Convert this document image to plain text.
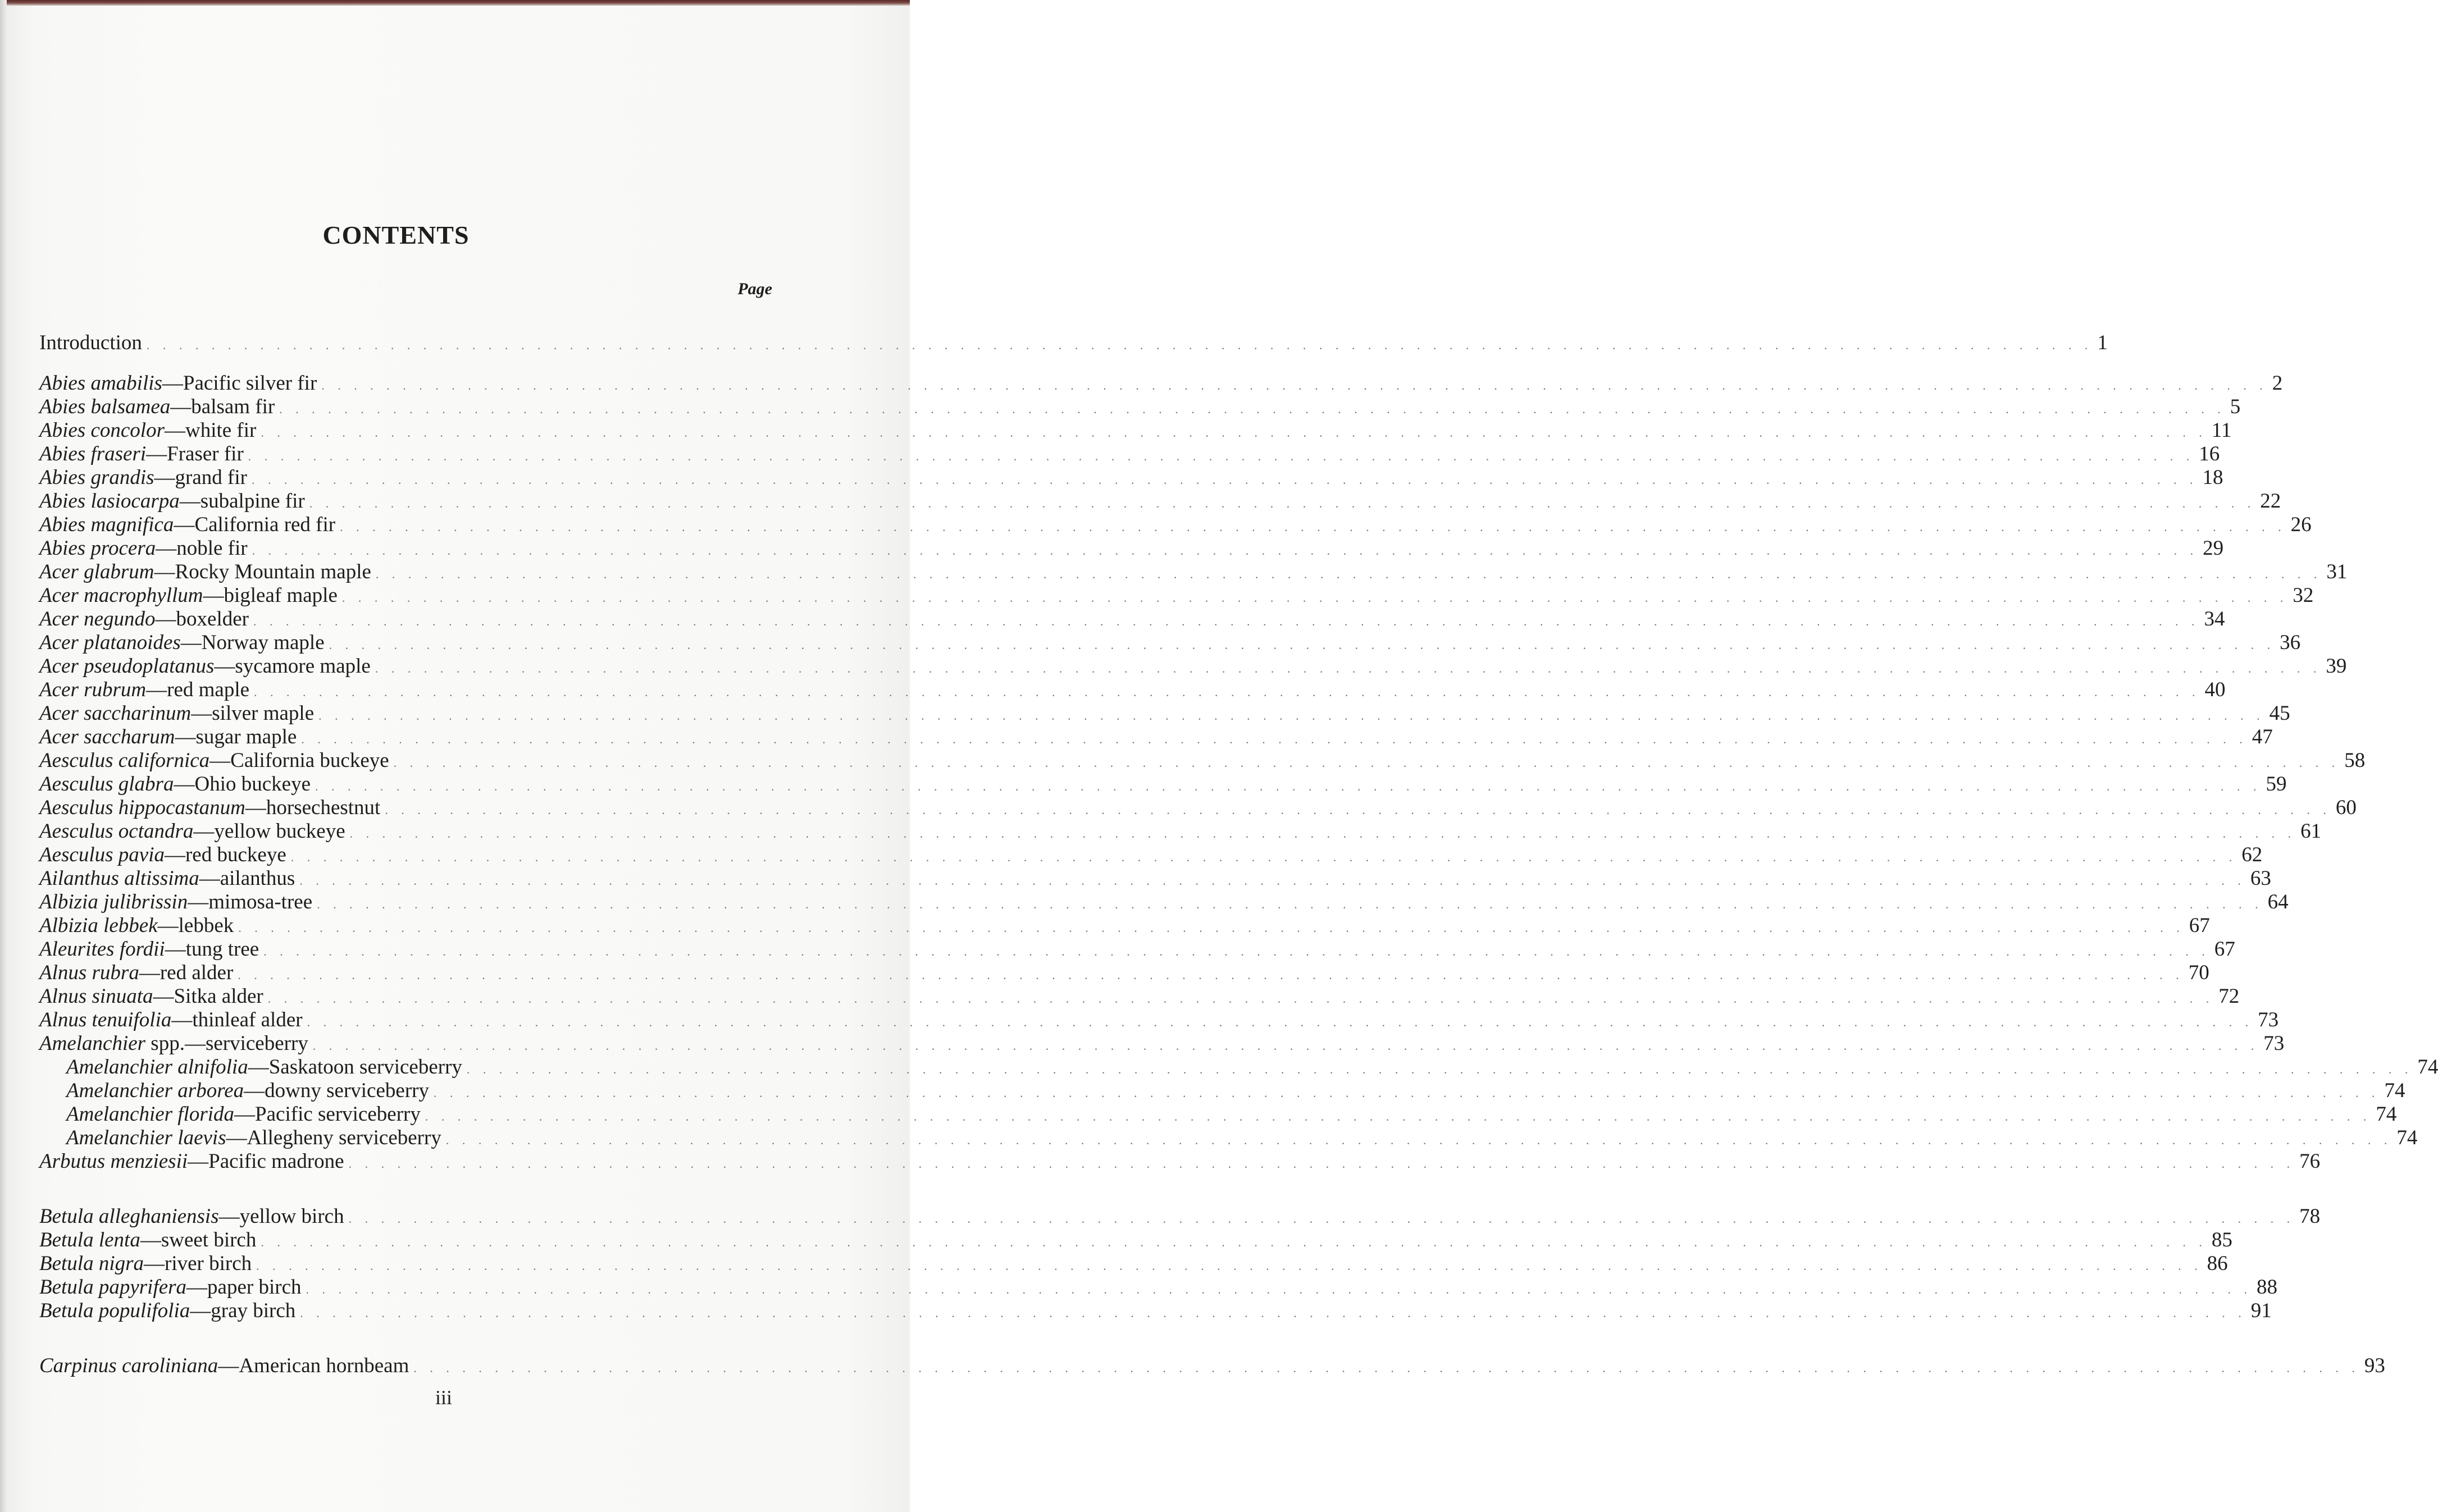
CONTENTS
Page
Introduction . . . . . . . . . . . . . . . . . . . . . . . . . . . . . . . . . . . . . . . . . . . . . . . . . . . . . . . . . . . . . . . . . . . . . . . . . . . . . . . . . . . . . . . . . . . . . . . . . . . . . . . . . . . . . . . . . . . . . . . . 1
Abies amabilis—Pacific silver fir . . . . . . . . . . . . . . . . . . . . . . . . . . . . . . . . . . . . . . . . . . . . . . . . . . . . . . . . . . . . . . . . . . . . . . . . . . . . . . . . . . . . . . . . . . . . . . . . . . . . . . . . . . . . . . . . . . . . . . . . 2
Abies balsamea—balsam fir . . . . . . . . . . . . . . . . . . . . . . . . . . . . . . . . . . . . . . . . . . . . . . . . . . . . . . . . . . . . . . . . . . . . . . . . . . . . . . . . . . . . . . . . . . . . . . . . . . . . . . . . . . . . . . . . . . . . . . . . 5
Abies concolor—white fir . . . . . . . . . . . . . . . . . . . . . . . . . . . . . . . . . . . . . . . . . . . . . . . . . . . . . . . . . . . . . . . . . . . . . . . . . . . . . . . . . . . . . . . . . . . . . . . . . . . . . . . . . . . . . . . . . . . . . . . . 11
Abies fraseri—Fraser fir . . . . . . . . . . . . . . . . . . . . . . . . . . . . . . . . . . . . . . . . . . . . . . . . . . . . . . . . . . . . . . . . . . . . . . . . . . . . . . . . . . . . . . . . . . . . . . . . . . . . . . . . . . . . . . . . . . . . . . . . 16
Abies grandis—grand fir . . . . . . . . . . . . . . . . . . . . . . . . . . . . . . . . . . . . . . . . . . . . . . . . . . . . . . . . . . . . . . . . . . . . . . . . . . . . . . . . . . . . . . . . . . . . . . . . . . . . . . . . . . . . . . . . . . . . . . . . 18
Abies lasiocarpa—subalpine fir . . . . . . . . . . . . . . . . . . . . . . . . . . . . . . . . . . . . . . . . . . . . . . . . . . . . . . . . . . . . . . . . . . . . . . . . . . . . . . . . . . . . . . . . . . . . . . . . . . . . . . . . . . . . . . . . . . . . . . . . 22
Abies magnifica—California red fir . . . . . . . . . . . . . . . . . . . . . . . . . . . . . . . . . . . . . . . . . . . . . . . . . . . . . . . . . . . . . . . . . . . . . . . . . . . . . . . . . . . . . . . . . . . . . . . . . . . . . . . . . . . . . . . . . . . . . . . . 26
Abies procera—noble fir . . . . . . . . . . . . . . . . . . . . . . . . . . . . . . . . . . . . . . . . . . . . . . . . . . . . . . . . . . . . . . . . . . . . . . . . . . . . . . . . . . . . . . . . . . . . . . . . . . . . . . . . . . . . . . . . . . . . . . . . 29
Acer glabrum—Rocky Mountain maple . . . . . . . . . . . . . . . . . . . . . . . . . . . . . . . . . . . . . . . . . . . . . . . . . . . . . . . . . . . . . . . . . . . . . . . . . . . . . . . . . . . . . . . . . . . . . . . . . . . . . . . . . . . . . . . . . . . . . . . . 31
Acer macrophyllum—bigleaf maple . . . . . . . . . . . . . . . . . . . . . . . . . . . . . . . . . . . . . . . . . . . . . . . . . . . . . . . . . . . . . . . . . . . . . . . . . . . . . . . . . . . . . . . . . . . . . . . . . . . . . . . . . . . . . . . . . . . . . . . . 32
Acer negundo—boxelder . . . . . . . . . . . . . . . . . . . . . . . . . . . . . . . . . . . . . . . . . . . . . . . . . . . . . . . . . . . . . . . . . . . . . . . . . . . . . . . . . . . . . . . . . . . . . . . . . . . . . . . . . . . . . . . . . . . . . . . . 34
Acer platanoides—Norway maple . . . . . . . . . . . . . . . . . . . . . . . . . . . . . . . . . . . . . . . . . . . . . . . . . . . . . . . . . . . . . . . . . . . . . . . . . . . . . . . . . . . . . . . . . . . . . . . . . . . . . . . . . . . . . . . . . . . . . . . . 36
Acer pseudoplatanus—sycamore maple . . . . . . . . . . . . . . . . . . . . . . . . . . . . . . . . . . . . . . . . . . . . . . . . . . . . . . . . . . . . . . . . . . . . . . . . . . . . . . . . . . . . . . . . . . . . . . . . . . . . . . . . . . . . . . . . . . . . . . . . 39
Acer rubrum—red maple . . . . . . . . . . . . . . . . . . . . . . . . . . . . . . . . . . . . . . . . . . . . . . . . . . . . . . . . . . . . . . . . . . . . . . . . . . . . . . . . . . . . . . . . . . . . . . . . . . . . . . . . . . . . . . . . . . . . . . . . 40
Acer saccharinum—silver maple . . . . . . . . . . . . . . . . . . . . . . . . . . . . . . . . . . . . . . . . . . . . . . . . . . . . . . . . . . . . . . . . . . . . . . . . . . . . . . . . . . . . . . . . . . . . . . . . . . . . . . . . . . . . . . . . . . . . . . . . 45
Acer saccharum—sugar maple . . . . . . . . . . . . . . . . . . . . . . . . . . . . . . . . . . . . . . . . . . . . . . . . . . . . . . . . . . . . . . . . . . . . . . . . . . . . . . . . . . . . . . . . . . . . . . . . . . . . . . . . . . . . . . . . . . . . . . . . 47
Aesculus californica—California buckeye . . . . . . . . . . . . . . . . . . . . . . . . . . . . . . . . . . . . . . . . . . . . . . . . . . . . . . . . . . . . . . . . . . . . . . . . . . . . . . . . . . . . . . . . . . . . . . . . . . . . . . . . . . . . . . . . . . . . . . . . 58
Aesculus glabra—Ohio buckeye . . . . . . . . . . . . . . . . . . . . . . . . . . . . . . . . . . . . . . . . . . . . . . . . . . . . . . . . . . . . . . . . . . . . . . . . . . . . . . . . . . . . . . . . . . . . . . . . . . . . . . . . . . . . . . . . . . . . . . . . 59
Aesculus hippocastanum—horsechestnut . . . . . . . . . . . . . . . . . . . . . . . . . . . . . . . . . . . . . . . . . . . . . . . . . . . . . . . . . . . . . . . . . . . . . . . . . . . . . . . . . . . . . . . . . . . . . . . . . . . . . . . . . . . . . . . . . . . . . . . . 60
Aesculus octandra—yellow buckeye . . . . . . . . . . . . . . . . . . . . . . . . . . . . . . . . . . . . . . . . . . . . . . . . . . . . . . . . . . . . . . . . . . . . . . . . . . . . . . . . . . . . . . . . . . . . . . . . . . . . . . . . . . . . . . . . . . . . . . . . 61
Aesculus pavia—red buckeye . . . . . . . . . . . . . . . . . . . . . . . . . . . . . . . . . . . . . . . . . . . . . . . . . . . . . . . . . . . . . . . . . . . . . . . . . . . . . . . . . . . . . . . . . . . . . . . . . . . . . . . . . . . . . . . . . . . . . . . . 62
Ailanthus altissima—ailanthus . . . . . . . . . . . . . . . . . . . . . . . . . . . . . . . . . . . . . . . . . . . . . . . . . . . . . . . . . . . . . . . . . . . . . . . . . . . . . . . . . . . . . . . . . . . . . . . . . . . . . . . . . . . . . . . . . . . . . . . . 63
Albizia julibrissin—mimosa-tree . . . . . . . . . . . . . . . . . . . . . . . . . . . . . . . . . . . . . . . . . . . . . . . . . . . . . . . . . . . . . . . . . . . . . . . . . . . . . . . . . . . . . . . . . . . . . . . . . . . . . . . . . . . . . . . . . . . . . . . . 64
Albizia lebbek—lebbek . . . . . . . . . . . . . . . . . . . . . . . . . . . . . . . . . . . . . . . . . . . . . . . . . . . . . . . . . . . . . . . . . . . . . . . . . . . . . . . . . . . . . . . . . . . . . . . . . . . . . . . . . . . . . . . . . . . . . . . . 67
Aleurites fordii—tung tree . . . . . . . . . . . . . . . . . . . . . . . . . . . . . . . . . . . . . . . . . . . . . . . . . . . . . . . . . . . . . . . . . . . . . . . . . . . . . . . . . . . . . . . . . . . . . . . . . . . . . . . . . . . . . . . . . . . . . . . . 67
Alnus rubra—red alder . . . . . . . . . . . . . . . . . . . . . . . . . . . . . . . . . . . . . . . . . . . . . . . . . . . . . . . . . . . . . . . . . . . . . . . . . . . . . . . . . . . . . . . . . . . . . . . . . . . . . . . . . . . . . . . . . . . . . . . . 70
Alnus sinuata—Sitka alder . . . . . . . . . . . . . . . . . . . . . . . . . . . . . . . . . . . . . . . . . . . . . . . . . . . . . . . . . . . . . . . . . . . . . . . . . . . . . . . . . . . . . . . . . . . . . . . . . . . . . . . . . . . . . . . . . . . . . . . . 72
Alnus tenuifolia—thinleaf alder . . . . . . . . . . . . . . . . . . . . . . . . . . . . . . . . . . . . . . . . . . . . . . . . . . . . . . . . . . . . . . . . . . . . . . . . . . . . . . . . . . . . . . . . . . . . . . . . . . . . . . . . . . . . . . . . . . . . . . . . 73
Amelanchier spp.—serviceberry . . . . . . . . . . . . . . . . . . . . . . . . . . . . . . . . . . . . . . . . . . . . . . . . . . . . . . . . . . . . . . . . . . . . . . . . . . . . . . . . . . . . . . . . . . . . . . . . . . . . . . . . . . . . . . . . . . . . . . . . 73
Amelanchier alnifolia—Saskatoon serviceberry . . . . . . . . . . . . . . . . . . . . . . . . . . . . . . . . . . . . . . . . . . . . . . . . . . . . . . . . . . . . . . . . . . . . . . . . . . . . . . . . . . . . . . . . . . . . . . . . . . . . . . . . . . . . . . . . . . . . . . . . 74
Amelanchier arborea—downy serviceberry . . . . . . . . . . . . . . . . . . . . . . . . . . . . . . . . . . . . . . . . . . . . . . . . . . . . . . . . . . . . . . . . . . . . . . . . . . . . . . . . . . . . . . . . . . . . . . . . . . . . . . . . . . . . . . . . . . . . . . . . 74
Amelanchier florida—Pacific serviceberry . . . . . . . . . . . . . . . . . . . . . . . . . . . . . . . . . . . . . . . . . . . . . . . . . . . . . . . . . . . . . . . . . . . . . . . . . . . . . . . . . . . . . . . . . . . . . . . . . . . . . . . . . . . . . . . . . . . . . . . . 74
Amelanchier laevis—Allegheny serviceberry . . . . . . . . . . . . . . . . . . . . . . . . . . . . . . . . . . . . . . . . . . . . . . . . . . . . . . . . . . . . . . . . . . . . . . . . . . . . . . . . . . . . . . . . . . . . . . . . . . . . . . . . . . . . . . . . . . . . . . . . 74
Arbutus menziesii—Pacific madrone . . . . . . . . . . . . . . . . . . . . . . . . . . . . . . . . . . . . . . . . . . . . . . . . . . . . . . . . . . . . . . . . . . . . . . . . . . . . . . . . . . . . . . . . . . . . . . . . . . . . . . . . . . . . . . . . . . . . . . . . 76
Betula alleghaniensis—yellow birch . . . . . . . . . . . . . . . . . . . . . . . . . . . . . . . . . . . . . . . . . . . . . . . . . . . . . . . . . . . . . . . . . . . . . . . . . . . . . . . . . . . . . . . . . . . . . . . . . . . . . . . . . . . . . . . . . . . . . . . . 78
Betula lenta—sweet birch . . . . . . . . . . . . . . . . . . . . . . . . . . . . . . . . . . . . . . . . . . . . . . . . . . . . . . . . . . . . . . . . . . . . . . . . . . . . . . . . . . . . . . . . . . . . . . . . . . . . . . . . . . . . . . . . . . . . . . . . 85
Betula nigra—river birch . . . . . . . . . . . . . . . . . . . . . . . . . . . . . . . . . . . . . . . . . . . . . . . . . . . . . . . . . . . . . . . . . . . . . . . . . . . . . . . . . . . . . . . . . . . . . . . . . . . . . . . . . . . . . . . . . . . . . . . . 86
Betula papyrifera—paper birch . . . . . . . . . . . . . . . . . . . . . . . . . . . . . . . . . . . . . . . . . . . . . . . . . . . . . . . . . . . . . . . . . . . . . . . . . . . . . . . . . . . . . . . . . . . . . . . . . . . . . . . . . . . . . . . . . . . . . . . . 88
Betula populifolia—gray birch . . . . . . . . . . . . . . . . . . . . . . . . . . . . . . . . . . . . . . . . . . . . . . . . . . . . . . . . . . . . . . . . . . . . . . . . . . . . . . . . . . . . . . . . . . . . . . . . . . . . . . . . . . . . . . . . . . . . . . . . 91
Carpinus caroliniana—American hornbeam . . . . . . . . . . . . . . . . . . . . . . . . . . . . . . . . . . . . . . . . . . . . . . . . . . . . . . . . . . . . . . . . . . . . . . . . . . . . . . . . . . . . . . . . . . . . . . . . . . . . . . . . . . . . . . . . . . . . . . . . 93
iii
